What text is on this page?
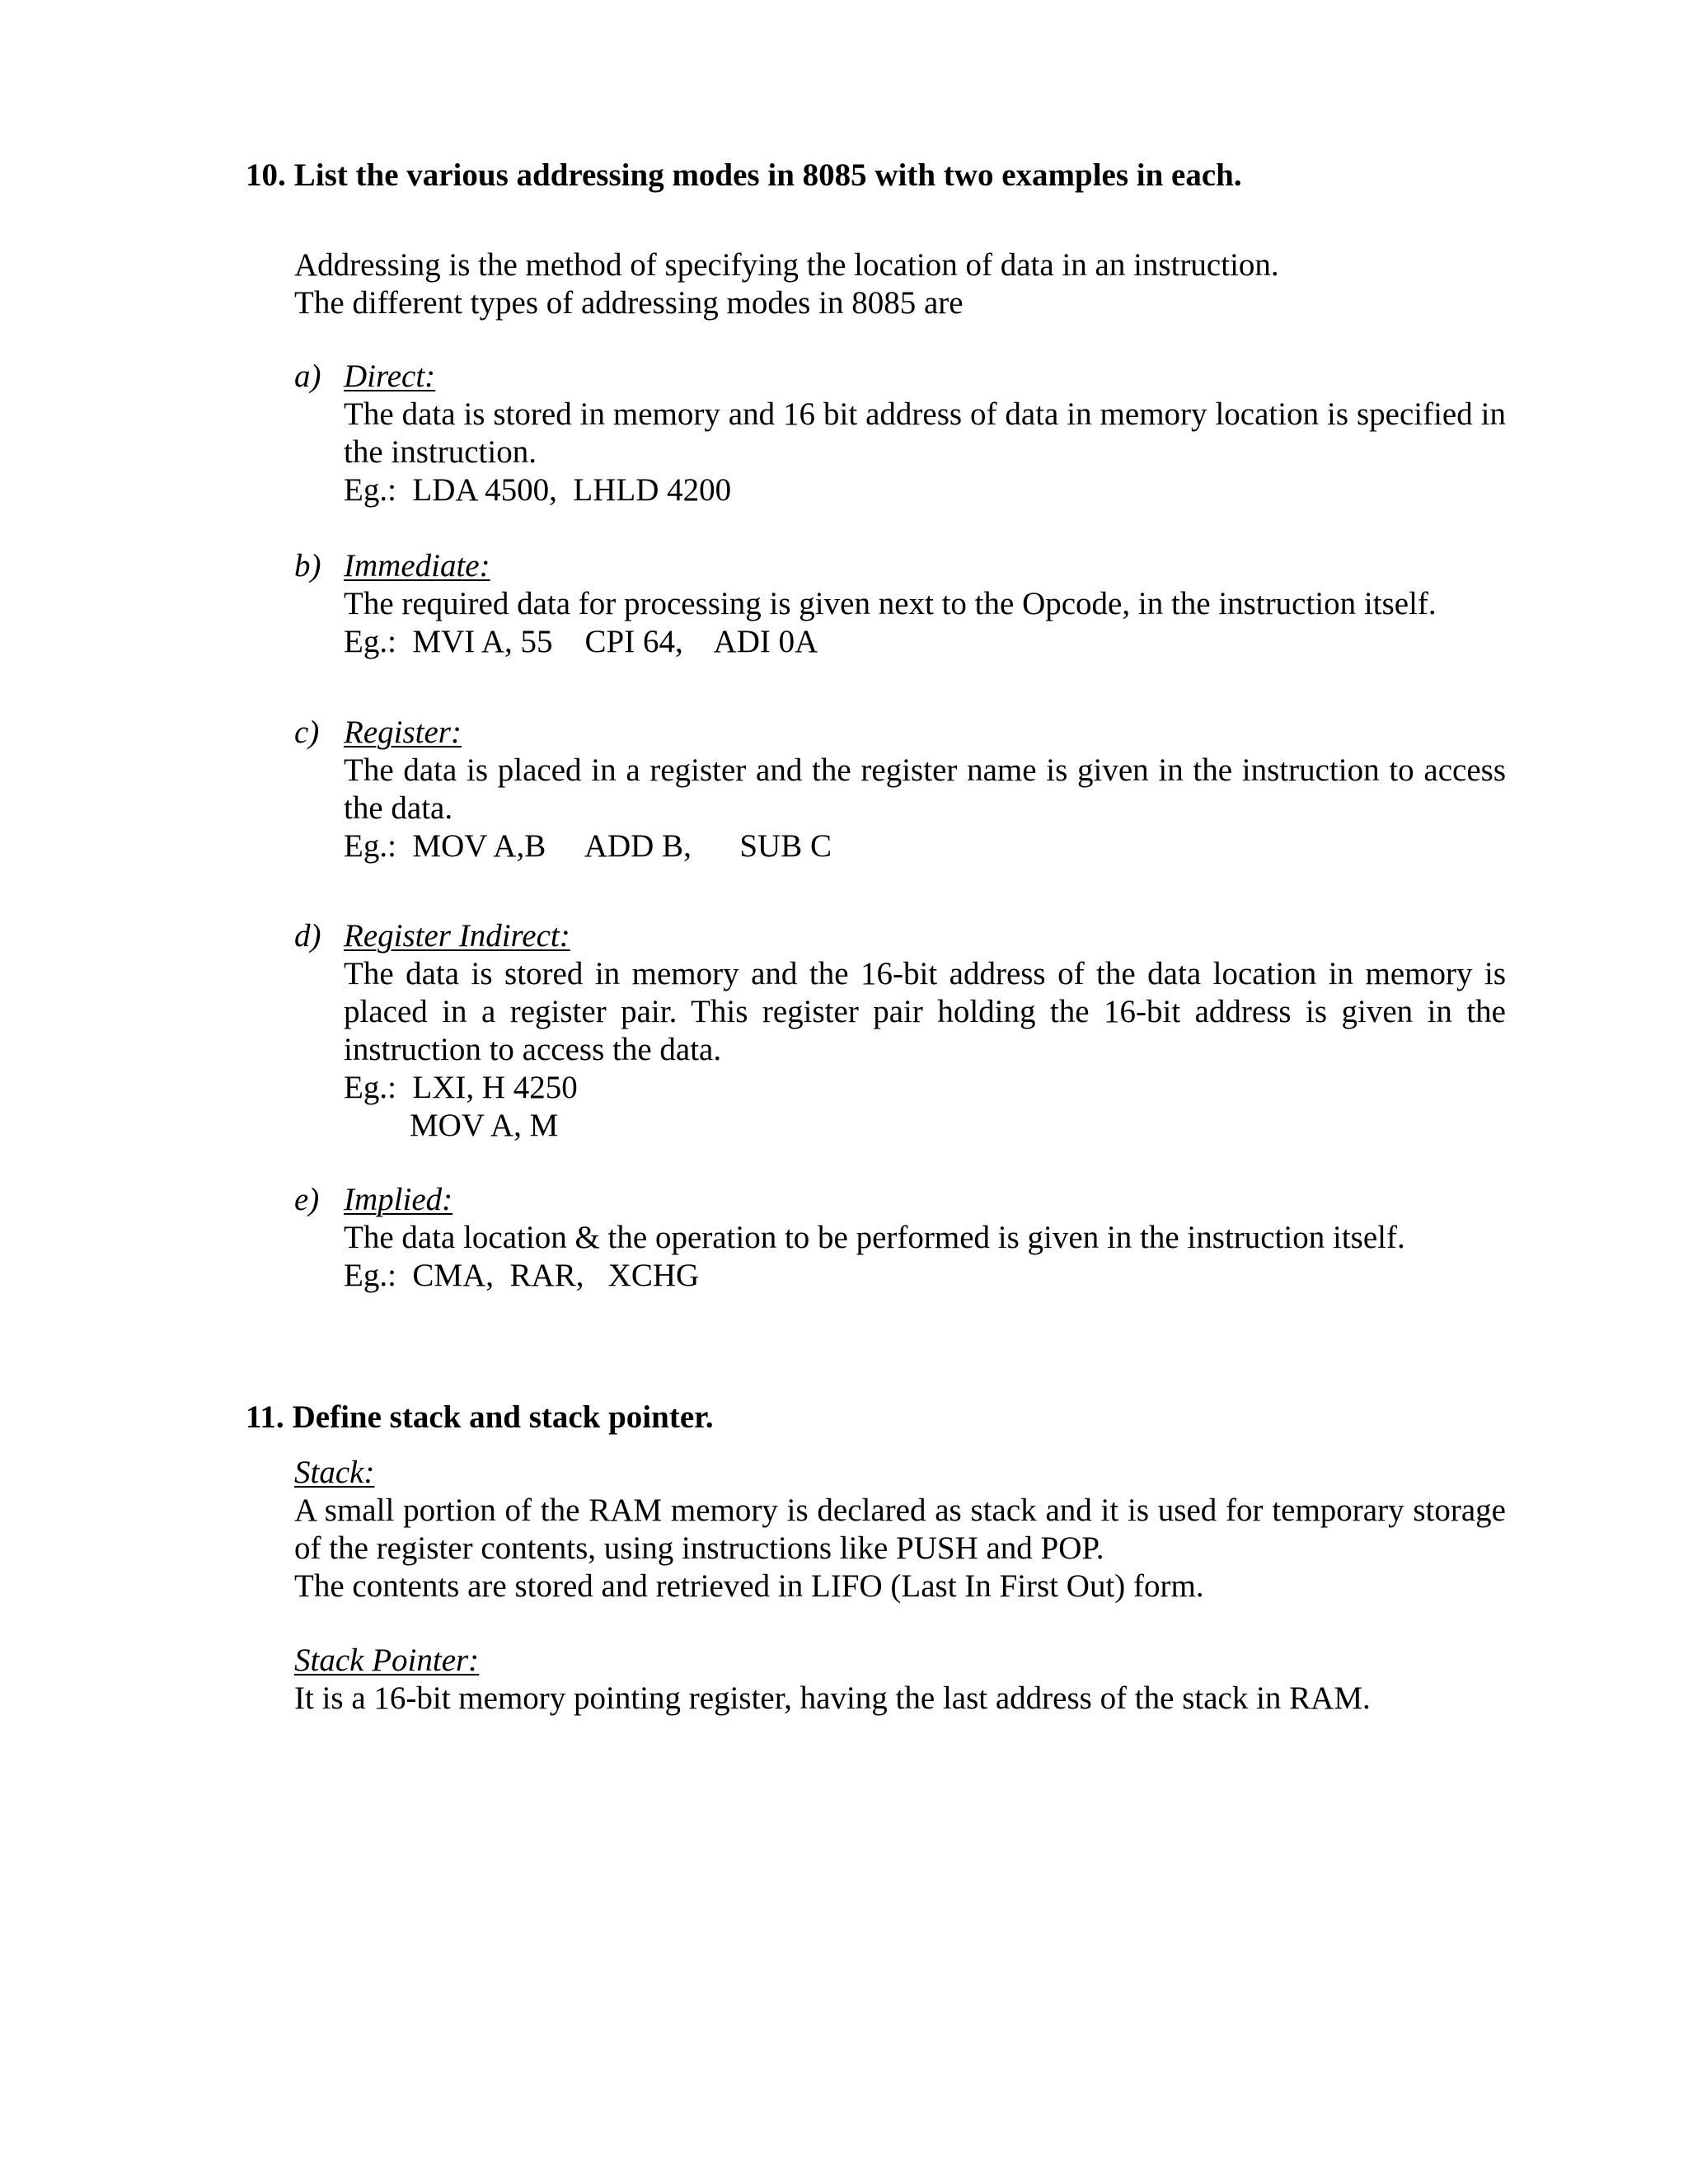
10. List the various addressing modes in 8085 with two examples in each.

Addressing is the method of specifying the location of data in an instruction.

The different types of addressing modes in 8085 are

a) Direct:
The data is stored in memory and 16 bit address of data in memory location is specified in the instruction.
Eg.:  LDA 4500,  LHLD 4200
b) Immediate:
The required data for processing is given next to the Opcode, in the instruction itself.
Eg.:  MVI A, 55    CPI 64,    ADI 0A
c) Register:
The data is placed in a register and the register name is given in the instruction to access the data.
Eg.:  MOV A,B     ADD B,      SUB C
d) Register Indirect:
The data is stored in memory and the 16-bit address of the data location in memory is placed in a register pair. This register pair holding the 16-bit address is given in the instruction to access the data.
Eg.:  LXI, H 4250
MOV A, M
e) Implied:
The data location & the operation to be performed is given in the instruction itself.
Eg.:  CMA,  RAR,   XCHG
11. Define stack and stack pointer.
Stack:
A small portion of the RAM memory is declared as stack and it is used for temporary storage of the register contents, using instructions like PUSH and POP.
The contents are stored and retrieved in LIFO (Last In First Out) form.
Stack Pointer:
It is a 16-bit memory pointing register, having the last address of the stack in RAM.
